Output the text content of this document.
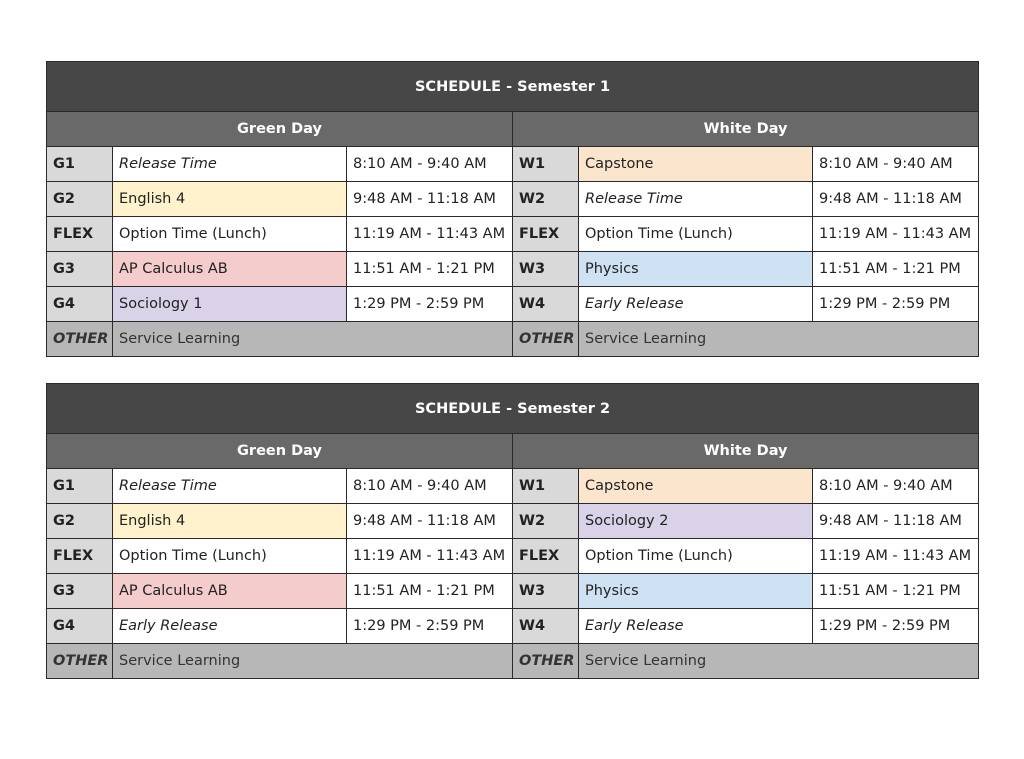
SCHEDULE - Semester 1					
Green Day			White Day		
G1	Release Time	8:10 AM - 9:40 AM	W1	Capstone	8:10 AM - 9:40 AM
G2	English 4	9:48 AM - 11:18 AM	W2	Release Time	9:48 AM - 11:18 AM
FLEX	Option Time (Lunch)	11:19 AM - 11:43 AM	FLEX	Option Time (Lunch)	11:19 AM - 11:43 AM
G3	AP Calculus AB	11:51 AM - 1:21 PM	W3	Physics	11:51 AM - 1:21 PM
G4	Sociology 1	1:29 PM - 2:59 PM	W4	Early Release	1:29 PM - 2:59 PM
OTHER	Service Learning		OTHER	Service Learning	
SCHEDULE - Semester 2					
Green Day			White Day		
G1	Release Time	8:10 AM - 9:40 AM	W1	Capstone	8:10 AM - 9:40 AM
G2	English 4	9:48 AM - 11:18 AM	W2	Sociology 2	9:48 AM - 11:18 AM
FLEX	Option Time (Lunch)	11:19 AM - 11:43 AM	FLEX	Option Time (Lunch)	11:19 AM - 11:43 AM
G3	AP Calculus AB	11:51 AM - 1:21 PM	W3	Physics	11:51 AM - 1:21 PM
G4	Early Release	1:29 PM - 2:59 PM	W4	Early Release	1:29 PM - 2:59 PM
OTHER	Service Learning		OTHER	Service Learning	
